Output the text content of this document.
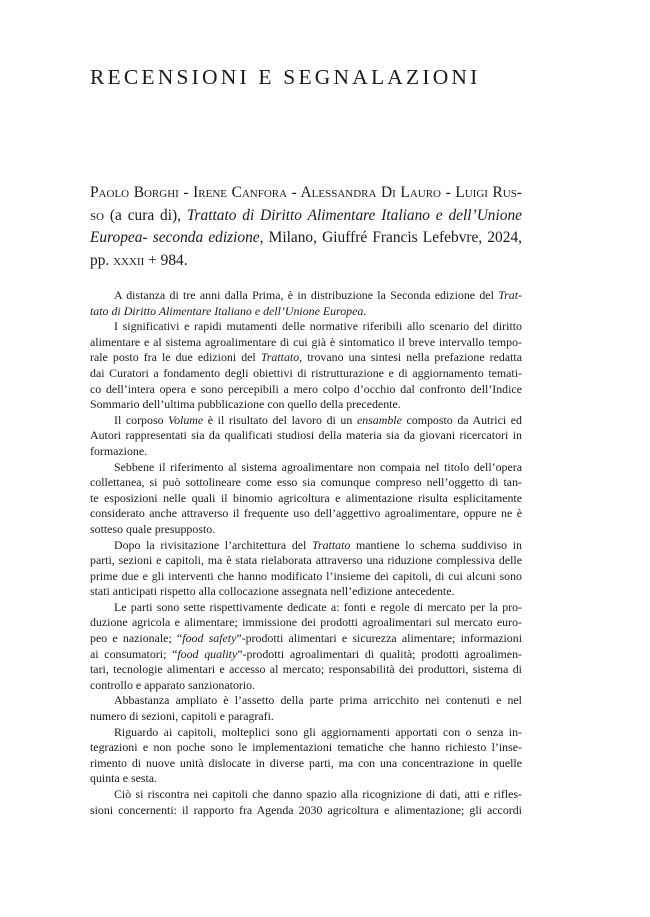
RECENSIONI E SEGNALAZIONI
Paolo Borghi - Irene Canfora - Alessandra Di Lauro - Luigi Rus-so (a cura di), Trattato di Diritto Alimentare Italiano e dell’Unione Europea- seconda edizione, Milano, Giuffré Francis Lefebvre, 2024, pp. xxxii + 984.
A distanza di tre anni dalla Prima, è in distribuzione la Seconda edizione del Trat-
tato di Diritto Alimentare Italiano e dell’Unione Europea.
I significativi e rapidi mutamenti delle normative riferibili allo scenario del diritto
alimentare e al sistema agroalimentare di cui già è sintomatico il breve intervallo tempo-
rale posto fra le due edizioni del Trattato, trovano una sintesi nella prefazione redatta
dai Curatori a fondamento degli obiettivi di ristrutturazione e di aggiornamento temati-
co dell’intera opera e sono percepibili a mero colpo d’occhio dal confronto dell’Indice
Sommario dell’ultima pubblicazione con quello della precedente.
Il corposo Volume è il risultato del lavoro di un ensamble composto da Autrici ed
Autori rappresentati sia da qualificati studiosi della materia sia da giovani ricercatori in
formazione.
Sebbene il riferimento al sistema agroalimentare non compaia nel titolo dell’opera
collettanea, si può sottolineare come esso sia comunque compreso nell’oggetto di tan-
te esposizioni nelle quali il binomio agricoltura e alimentazione risulta esplicitamente
considerato anche attraverso il frequente uso dell’aggettivo agroalimentare, oppure ne è
sotteso quale presupposto.
Dopo la rivisitazione l’architettura del Trattato mantiene lo schema suddiviso in
parti, sezioni e capitoli, ma è stata rielaborata attraverso una riduzione complessiva delle
prime due e gli interventi che hanno modificato l’insieme dei capitoli, di cui alcuni sono
stati anticipati rispetto alla collocazione assegnata nell’edizione antecedente.
Le parti sono sette rispettivamente dedicate a: fonti e regole di mercato per la pro-
duzione agricola e alimentare; immissione dei prodotti agroalimentari sul mercato euro-
peo e nazionale; “food safety”-prodotti alimentari e sicurezza alimentare; informazioni
ai consumatori; “food quality”-prodotti agroalimentari di qualità; prodotti agroalimen-
tari, tecnologie alimentari e accesso al mercato; responsabilità dei produttori, sistema di
controllo e apparato sanzionatorio.
Abbastanza ampliato è l’assetto della parte prima arricchito nei contenuti e nel
numero di sezioni, capitoli e paragrafi.
Riguardo ai capitoli, molteplici sono gli aggiornamenti apportati con o senza in-
tegrazioni e non poche sono le implementazioni tematiche che hanno richiesto l’inse-
rimento di nuove unità dislocate in diverse parti, ma con una concentrazione in quelle
quinta e sesta.
Ciò si riscontra nei capitoli che danno spazio alla ricognizione di dati, atti e rifles-
sioni concernenti: il rapporto fra Agenda 2030 agricoltura e alimentazione; gli accordi
